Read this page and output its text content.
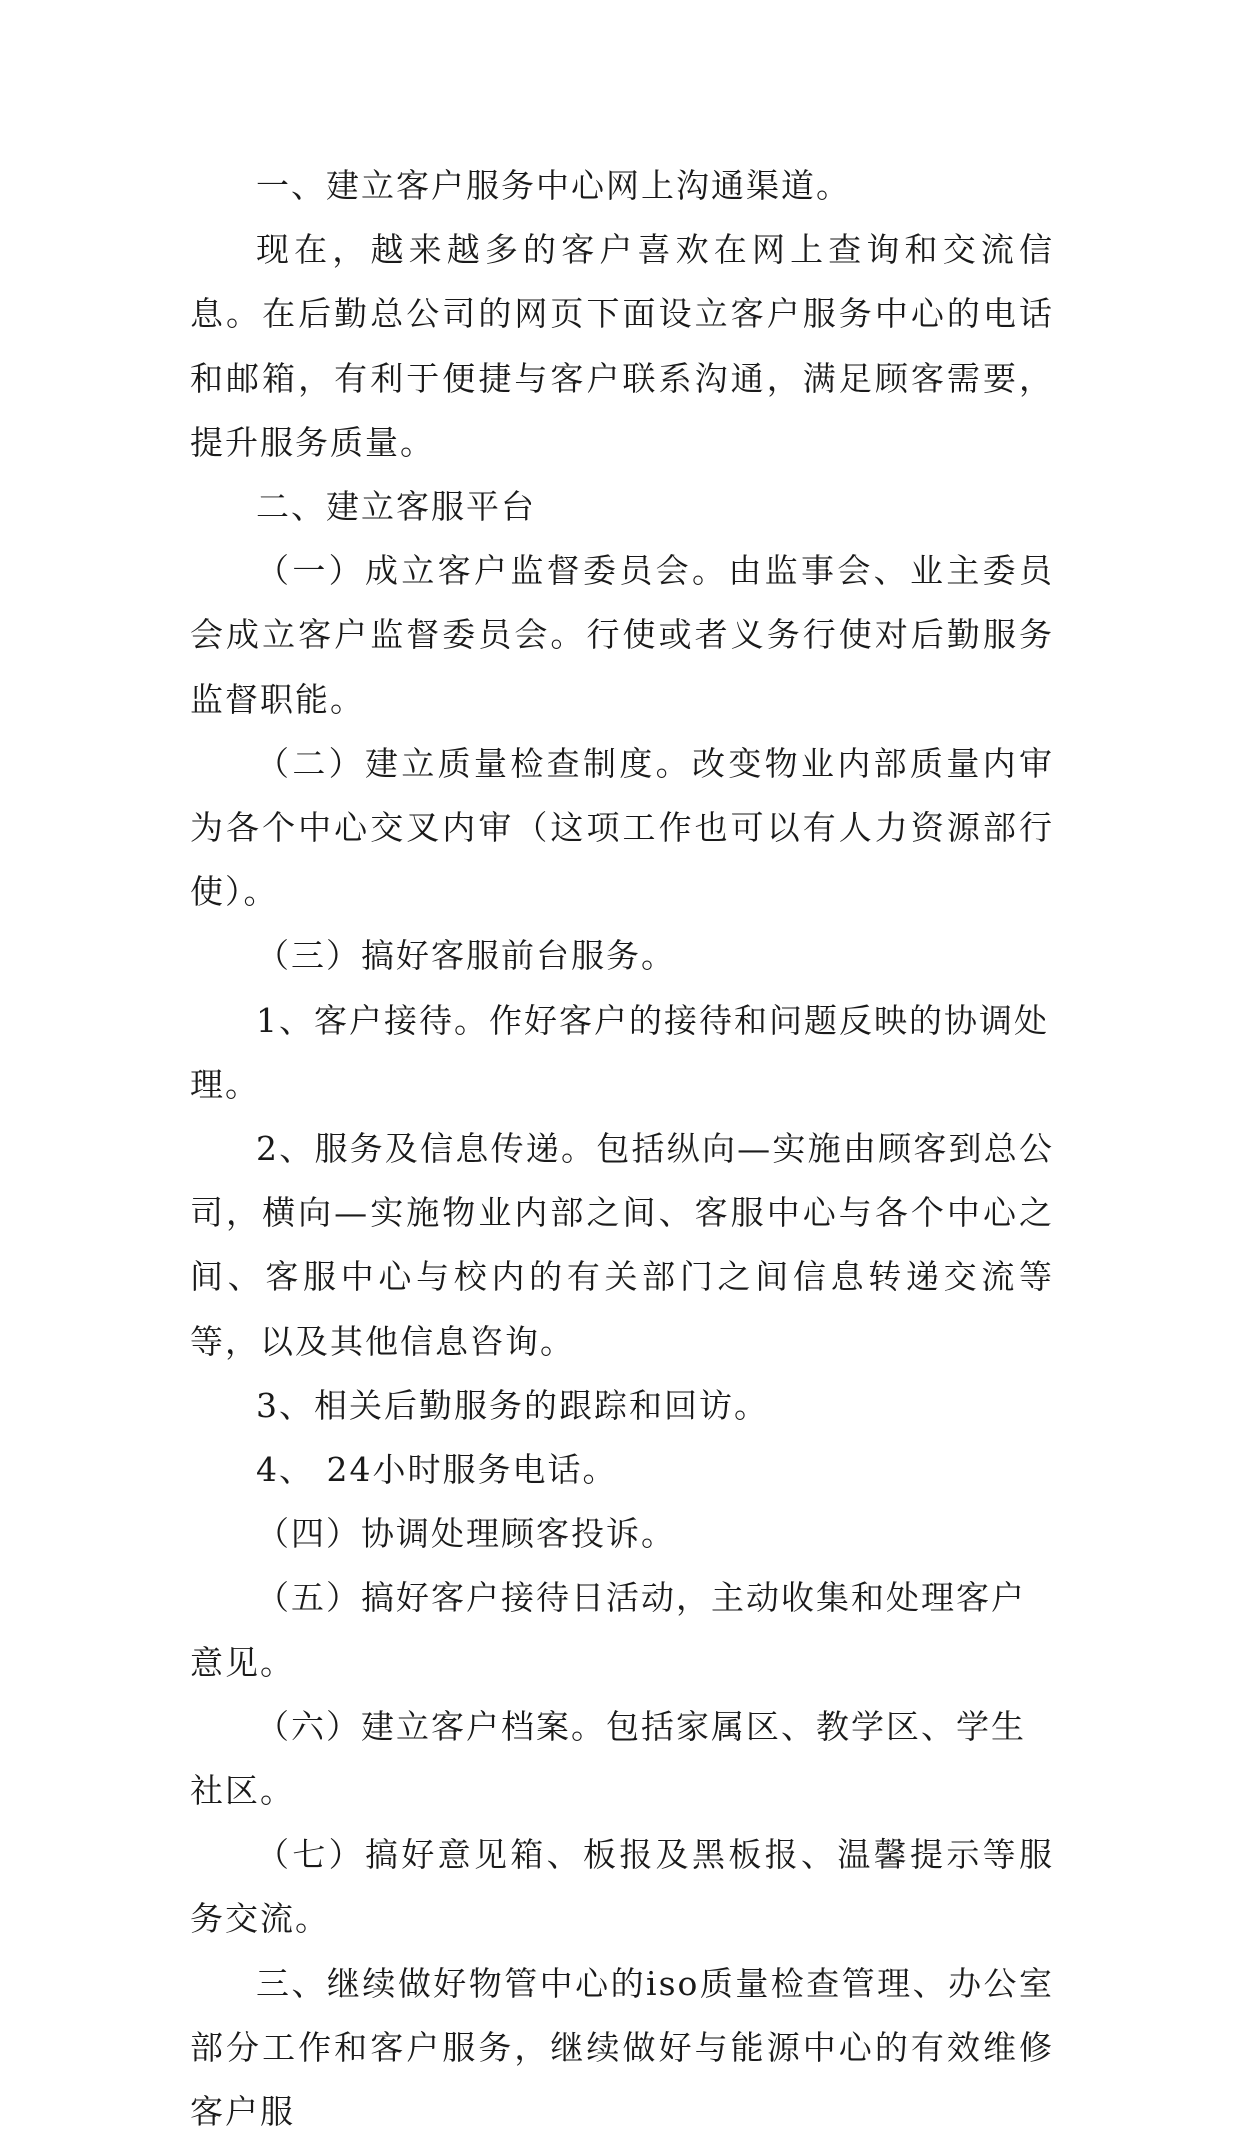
一、建立客户服务中心网上沟通渠道。

现在，越来越多的客户喜欢在网上查询和交流信息。在后勤总公司的网页下面设立客户服务中心的电话和邮箱，有利于便捷与客户联系沟通，满足顾客需要，提升服务质量。

二、建立客服平台

（一）成立客户监督委员会。由监事会、业主委员会成立客户监督委员会。行使或者义务行使对后勤服务监督职能。

（二）建立质量检查制度。改变物业内部质量内审为各个中心交叉内审（这项工作也可以有人力资源部行使）。

（三）搞好客服前台服务。

1、客户接待。作好客户的接待和问题反映的协调处理。

2、服务及信息传递。包括纵向—实施由顾客到总公司，横向—实施物业内部之间、客服中心与各个中心之间、客服中心与校内的有关部门之间信息转递交流等等，以及其他信息咨询。

3、相关后勤服务的跟踪和回访。

4、 24小时服务电话。

（四）协调处理顾客投诉。

（五）搞好客户接待日活动，主动收集和处理客户意见。

（六）建立客户档案。包括家属区、教学区、学生社区。

（七）搞好意见箱、板报及黑板报、温馨提示等服务交流。

三、继续做好物管中心的iso质量检查管理、办公室部分工作和客户服务，继续做好与能源中心的有效维修客户服
